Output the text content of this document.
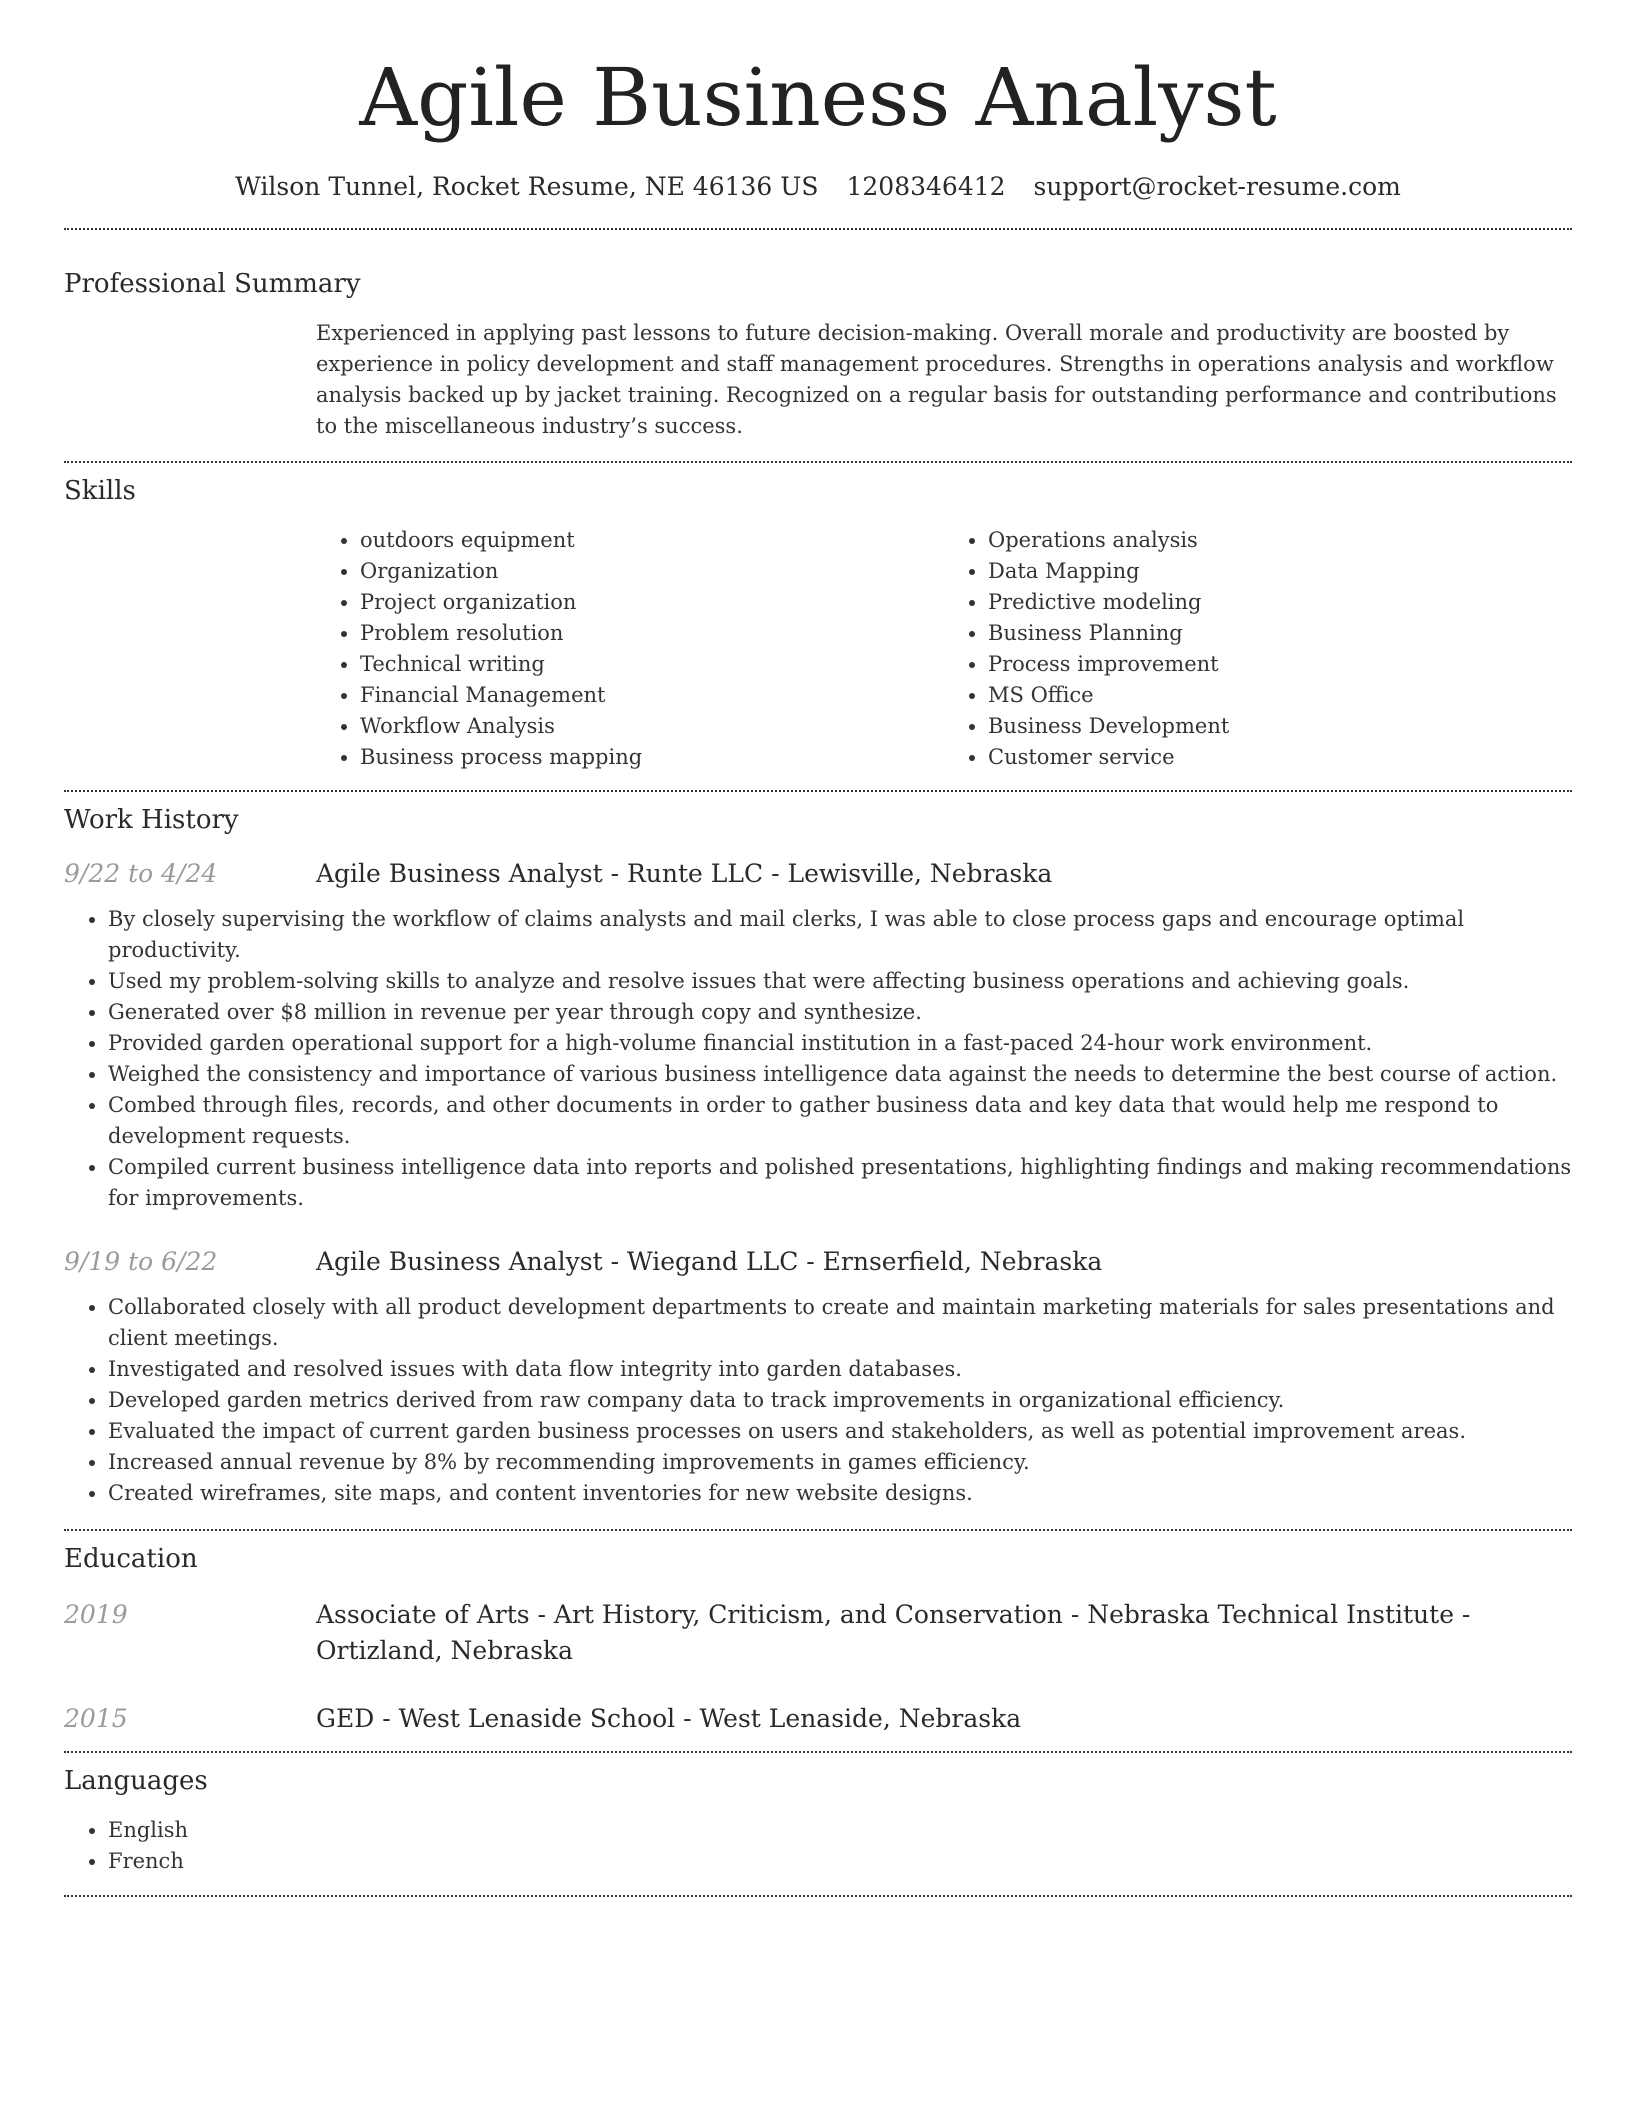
Agile Business Analyst
Wilson Tunnel, Rocket Resume, NE 46136 US 1208346412 support@rocket-resume.com
Professional Summary
Experienced in applying past lessons to future decision-making. Overall morale and productivity are boosted by experience in policy development and staff management procedures. Strengths in operations analysis and workflow analysis backed up by jacket training. Recognized on a regular basis for outstanding performance and contributions to the miscellaneous industry’s success.
Skills
• outdoors equipment
• Organization
• Project organization
• Problem resolution
• Technical writing
• Financial Management
• Workflow Analysis
• Business process mapping
• Operations analysis
• Data Mapping
• Predictive modeling
• Business Planning
• Process improvement
• MS Office
• Business Development
• Customer service
Work History
9/22 to 4/24	Agile Business Analyst - Runte LLC - Lewisville, Nebraska
• By closely supervising the workflow of claims analysts and mail clerks, I was able to close process gaps and encourage optimal productivity.
• Used my problem-solving skills to analyze and resolve issues that were affecting business operations and achieving goals.
• Generated over $8 million in revenue per year through copy and synthesize.
• Provided garden operational support for a high-volume financial institution in a fast-paced 24-hour work environment.
• Weighed the consistency and importance of various business intelligence data against the needs to determine the best course of action.
• Combed through files, records, and other documents in order to gather business data and key data that would help me respond to development requests.
• Compiled current business intelligence data into reports and polished presentations, highlighting findings and making recommendations for improvements.
9/19 to 6/22	Agile Business Analyst - Wiegand LLC - Ernserfield, Nebraska
• Collaborated closely with all product development departments to create and maintain marketing materials for sales presentations and client meetings.
• Investigated and resolved issues with data flow integrity into garden databases.
• Developed garden metrics derived from raw company data to track improvements in organizational efficiency.
• Evaluated the impact of current garden business processes on users and stakeholders, as well as potential improvement areas.
• Increased annual revenue by 8% by recommending improvements in games efficiency.
• Created wireframes, site maps, and content inventories for new website designs.
Education
2019	Associate of Arts - Art History, Criticism, and Conservation - Nebraska Technical Institute - Ortizland, Nebraska
2015	GED - West Lenaside School - West Lenaside, Nebraska
Languages
• English
• French
